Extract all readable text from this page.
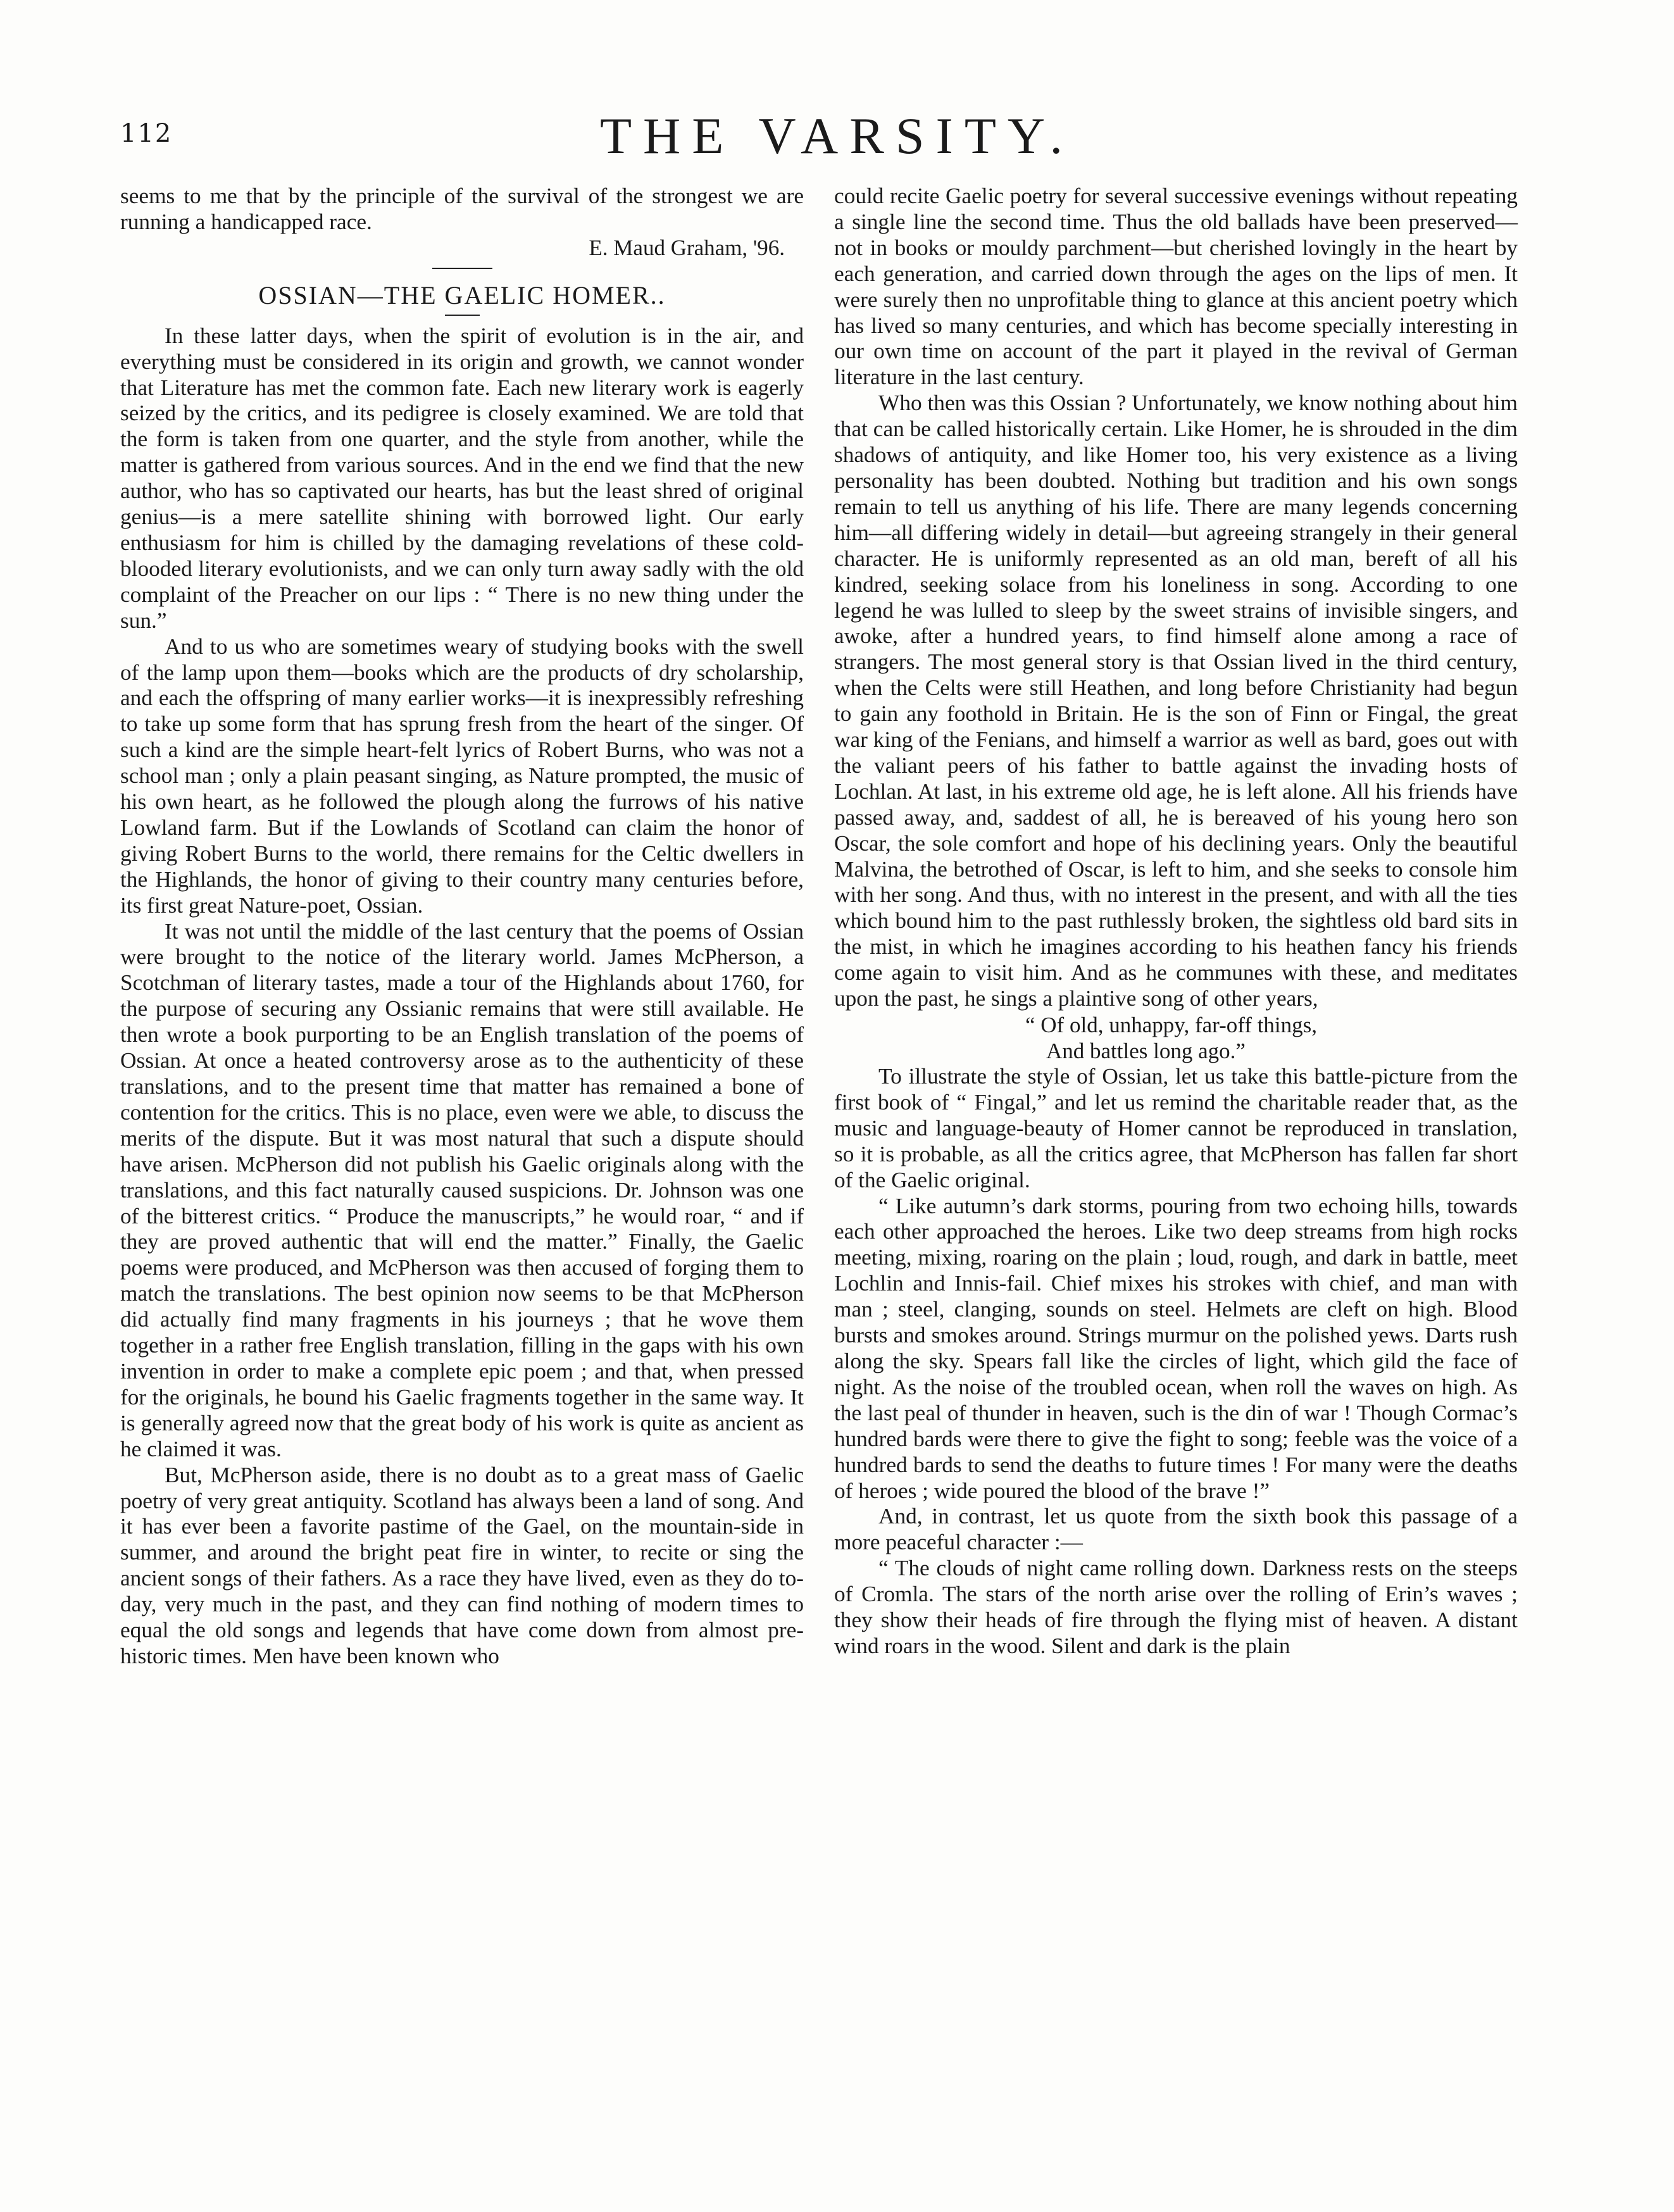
112	THE VARSITY.

seems to me that by the principle of the survival of the strongest we are running a handicapped race.

E. Maud Graham, '96.

OSSIAN—THE GAELIC HOMER..

In these latter days, when the spirit of evolution is in the air, and everything must be considered in its origin and growth, we cannot wonder that Literature has met the common fate. Each new literary work is eagerly seized by the critics, and its pedigree is closely examined. We are told that the form is taken from one quarter, and the style from another, while the matter is gathered from various sources. And in the end we find that the new author, who has so captivated our hearts, has but the least shred of original genius—is a mere satellite shining with borrowed light. Our early enthusiasm for him is chilled by the damaging revelations of these cold-blooded literary evolutionists, and we can only turn away sadly with the old complaint of the Preacher on our lips : “ There is no new thing under the sun.”

And to us who are sometimes weary of studying books with the swell of the lamp upon them—books which are the products of dry scholarship, and each the offspring of many earlier works—it is inexpressibly refreshing to take up some form that has sprung fresh from the heart of the singer. Of such a kind are the simple heart-felt lyrics of Robert Burns, who was not a school man ; only a plain peasant singing, as Nature prompted, the music of his own heart, as he followed the plough along the furrows of his native Lowland farm. But if the Lowlands of Scotland can claim the honor of giving Robert Burns to the world, there remains for the Celtic dwellers in the Highlands, the honor of giving to their country many centuries before, its first great Nature-poet, Ossian.

It was not until the middle of the last century that the poems of Ossian were brought to the notice of the literary world. James McPherson, a Scotchman of literary tastes, made a tour of the Highlands about 1760, for the purpose of securing any Ossianic remains that were still available. He then wrote a book purporting to be an English translation of the poems of Ossian. At once a heated controversy arose as to the authenticity of these translations, and to the present time that matter has remained a bone of contention for the critics. This is no place, even were we able, to discuss the merits of the dispute. But it was most natural that such a dispute should have arisen. McPherson did not publish his Gaelic originals along with the translations, and this fact naturally caused suspicions. Dr. Johnson was one of the bitterest critics. “ Produce the manuscripts,” he would roar, “ and if they are proved authentic that will end the matter.” Finally, the Gaelic poems were produced, and McPherson was then accused of forging them to match the translations. The best opinion now seems to be that McPherson did actually find many fragments in his journeys ; that he wove them together in a rather free English translation, filling in the gaps with his own invention in order to make a complete epic poem ; and that, when pressed for the originals, he bound his Gaelic fragments together in the same way. It is generally agreed now that the great body of his work is quite as ancient as he claimed it was.

But, McPherson aside, there is no doubt as to a great mass of Gaelic poetry of very great antiquity. Scotland has always been a land of song. And it has ever been a favorite pastime of the Gael, on the mountain-side in summer, and around the bright peat fire in winter, to recite or sing the ancient songs of their fathers. As a race they have lived, even as they do to-day, very much in the past, and they can find nothing of modern times to equal the old songs and legends that have come down from almost pre-historic times. Men have been known who

could recite Gaelic poetry for several successive evenings without repeating a single line the second time. Thus the old ballads have been preserved—not in books or mouldy parchment—but cherished lovingly in the heart by each generation, and carried down through the ages on the lips of men. It were surely then no unprofitable thing to glance at this ancient poetry which has lived so many centuries, and which has become specially interesting in our own time on account of the part it played in the revival of German literature in the last century.

Who then was this Ossian ? Unfortunately, we know nothing about him that can be called historically certain. Like Homer, he is shrouded in the dim shadows of antiquity, and like Homer too, his very existence as a living personality has been doubted. Nothing but tradition and his own songs remain to tell us anything of his life. There are many legends concerning him—all differing widely in detail—but agreeing strangely in their general character. He is uniformly represented as an old man, bereft of all his kindred, seeking solace from his loneliness in song. According to one legend he was lulled to sleep by the sweet strains of invisible singers, and awoke, after a hundred years, to find himself alone among a race of strangers. The most general story is that Ossian lived in the third century, when the Celts were still Heathen, and long before Christianity had begun to gain any foothold in Britain. He is the son of Finn or Fingal, the great war king of the Fenians, and himself a warrior as well as bard, goes out with the valiant peers of his father to battle against the invading hosts of Lochlan. At last, in his extreme old age, he is left alone. All his friends have passed away, and, saddest of all, he is bereaved of his young hero son Oscar, the sole comfort and hope of his declining years. Only the beautiful Malvina, the betrothed of Oscar, is left to him, and she seeks to console him with her song. And thus, with no interest in the present, and with all the ties which bound him to the past ruthlessly broken, the sightless old bard sits in the mist, in which he imagines according to his heathen fancy his friends come again to visit him. And as he communes with these, and meditates upon the past, he sings a plaintive song of other years,

“ Of old, unhappy, far-off things,

And battles long ago.”

To illustrate the style of Ossian, let us take this battle-picture from the first book of “ Fingal,” and let us remind the charitable reader that, as the music and language-beauty of Homer cannot be reproduced in translation, so it is probable, as all the critics agree, that McPherson has fallen far short of the Gaelic original.

“ Like autumn’s dark storms, pouring from two echoing hills, towards each other approached the heroes. Like two deep streams from high rocks meeting, mixing, roaring on the plain ; loud, rough, and dark in battle, meet Lochlin and Innis-fail. Chief mixes his strokes with chief, and man with man ; steel, clanging, sounds on steel. Helmets are cleft on high. Blood bursts and smokes around. Strings murmur on the polished yews. Darts rush along the sky. Spears fall like the circles of light, which gild the face of night. As the noise of the troubled ocean, when roll the waves on high. As the last peal of thunder in heaven, such is the din of war ! Though Cormac’s hundred bards were there to give the fight to song; feeble was the voice of a hundred bards to send the deaths to future times ! For many were the deaths of heroes ; wide poured the blood of the brave !”

And, in contrast, let us quote from the sixth book this passage of a more peaceful character :—

“ The clouds of night came rolling down. Darkness rests on the steeps of Cromla. The stars of the north arise over the rolling of Erin’s waves ; they show their heads of fire through the flying mist of heaven. A distant wind roars in the wood. Silent and dark is the plain
